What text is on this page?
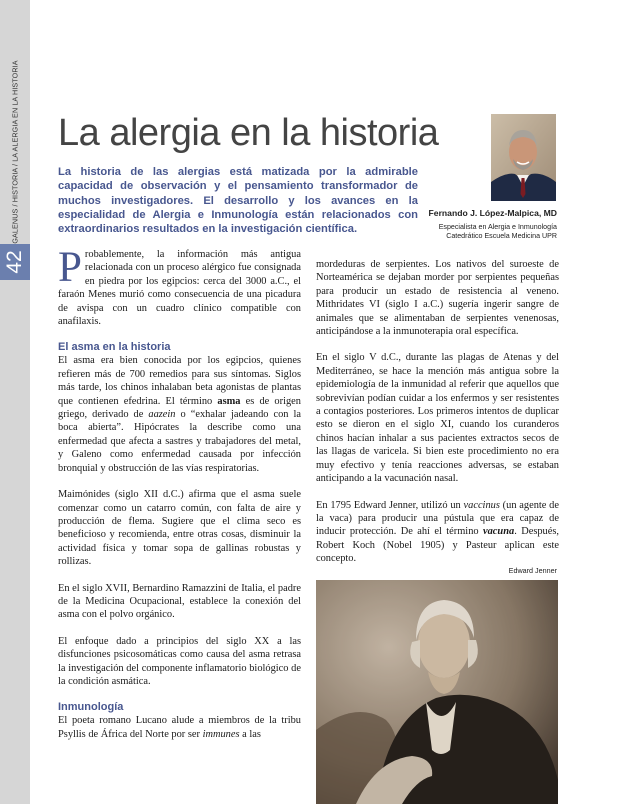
GALENUS / HISTORIA / LA ALERGIA EN LA HISTORIA
42
La alergia en la historia

La historia de las alergias está matizada por la admirable capacidad de observación y el pensamiento transformador de muchos investigadores. El desarrollo y los avances en la especialidad de Alergia e Inmunología están relacionados con extraordinarios resultados en la investigación científica.

Fernando J. López-Malpica, MD

Especialista en Alergia e Inmunología

Catedrático Escuela Medicina UPR

Probablemente, la información más antigua relacionada con un proceso alérgico fue consignada en piedra por los egipcios: cerca del 3000 a.C., el faraón Menes murió como consecuencia de una picadura de avispa con un cuadro clínico compatible con anafilaxis.

El asma en la historia

El asma era bien conocida por los egipcios, quienes refieren más de 700 remedios para sus síntomas. Siglos más tarde, los chinos inhalaban beta agonistas de plantas que contienen efedrina. El término asma es de origen griego, derivado de aazein o “exhalar jadeando con la boca abierta”. Hipócrates la describe como una enfermedad que afecta a sastres y trabajadores del metal, y Galeno como enfermedad causada por infección bronquial y obstrucción de las vías respiratorias.

Maimónides (siglo XII d.C.) afirma que el asma suele comenzar como un catarro común, con falta de aire y producción de flema. Sugiere que el clima seco es beneficioso y recomienda, entre otras cosas, disminuir la actividad física y tomar sopa de gallinas robustas y rollizas.

En el siglo XVII, Bernardino Ramazzini de Italia, el padre de la Medicina Ocupacional, establece la conexión del asma con el polvo orgánico.

El enfoque dado a principios del siglo XX a las disfunciones psicosomáticas como causa del asma retrasa la investigación del componente inflamatorio biológico de la condición asmática.

Inmunología

El poeta romano Lucano alude a miembros de la tribu Psyllis de África del Norte por ser immunes a las

mordeduras de serpientes. Los nativos del suroeste de Norteamérica se dejaban morder por serpientes pequeñas para producir un estado de resistencia al veneno. Mithridates VI (siglo I a.C.) sugería ingerir sangre de animales que se alimentaban de serpientes venenosas, anticipándose a la inmunoterapia oral específica.

En el siglo V d.C., durante las plagas de Atenas y del Mediterráneo, se hace la mención más antigua sobre la epidemiología de la inmunidad al referir que aquellos que sobrevivían podían cuidar a los enfermos y ser resistentes a contagios posteriores. Los primeros intentos de duplicar esto se dieron en el siglo XI, cuando los curanderos chinos hacían inhalar a sus pacientes extractos secos de las llagas de varicela. Si bien este procedimiento no era muy efectivo y tenía reacciones adversas, se estaban anticipando a la vacunación nasal.

En 1795 Edward Jenner, utilizó un vaccinus (un agente de la vaca) para producir una pústula que era capaz de inducir protección. De ahí el término vacuna. Después, Robert Koch (Nobel 1905) y Pasteur aplican este concepto.

Edward Jenner
